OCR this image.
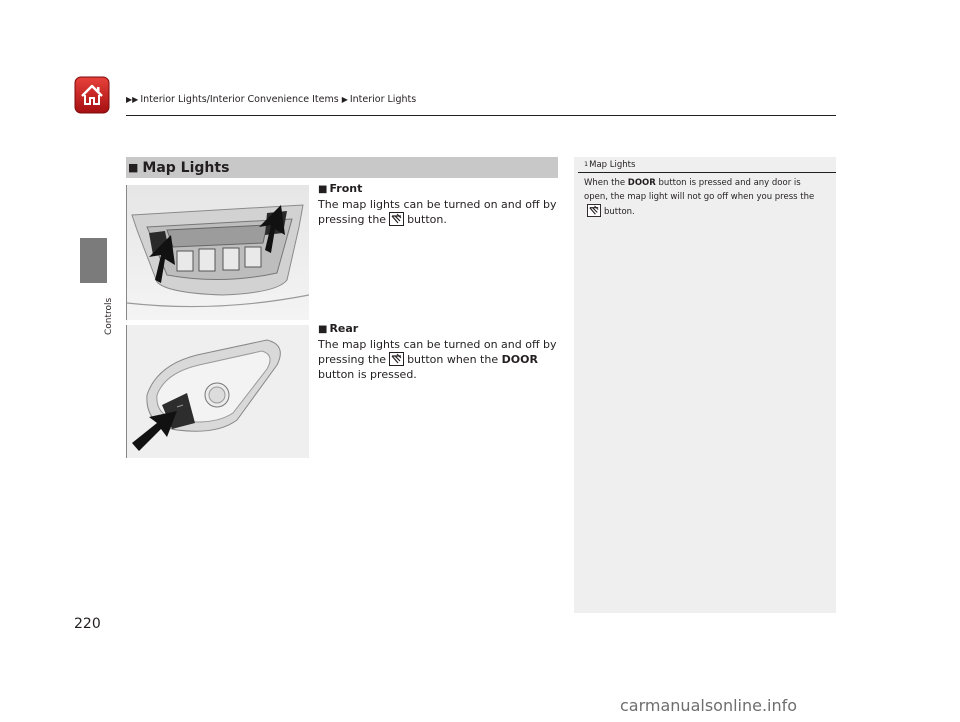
▶▶ Interior Lights/Interior Convenience Items ▶ Interior Lights
Controls
■ Map Lights
■ Front
The map lights can be turned on and off by pressing the button.
■ Rear
The map lights can be turned on and off by pressing the button when the DOOR
button is pressed.
1Map Lights
When the DOOR button is pressed and any door is open, the map light will not go off when you press thebutton.
220
carmanualsonline.info
